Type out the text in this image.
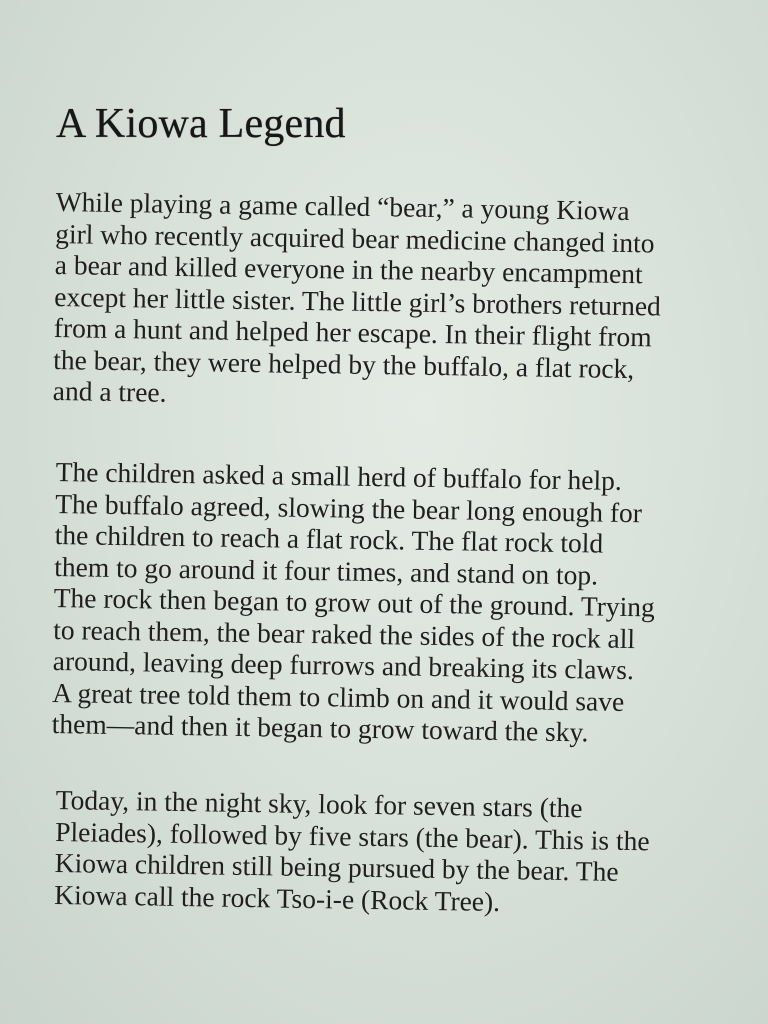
A Kiowa Legend

While playing a game called “bear,” a young Kiowa
girl who recently acquired bear medicine changed into
a bear and killed everyone in the nearby encampment
except her little sister. The little girl’s brothers returned
from a hunt and helped her escape. In their flight from
the bear, they were helped by the buffalo, a flat rock,
and a tree.

The children asked a small herd of buffalo for help.
The buffalo agreed, slowing the bear long enough for
the children to reach a flat rock. The flat rock told
them to go around it four times, and stand on top.
The rock then began to grow out of the ground. Trying
to reach them, the bear raked the sides of the rock all
around, leaving deep furrows and breaking its claws.
A great tree told them to climb on and it would save
them—and then it began to grow toward the sky.

Today, in the night sky, look for seven stars (the
Pleiades), followed by five stars (the bear). This is the
Kiowa children still being pursued by the bear. The
Kiowa call the rock Tso-i-e (Rock Tree).
